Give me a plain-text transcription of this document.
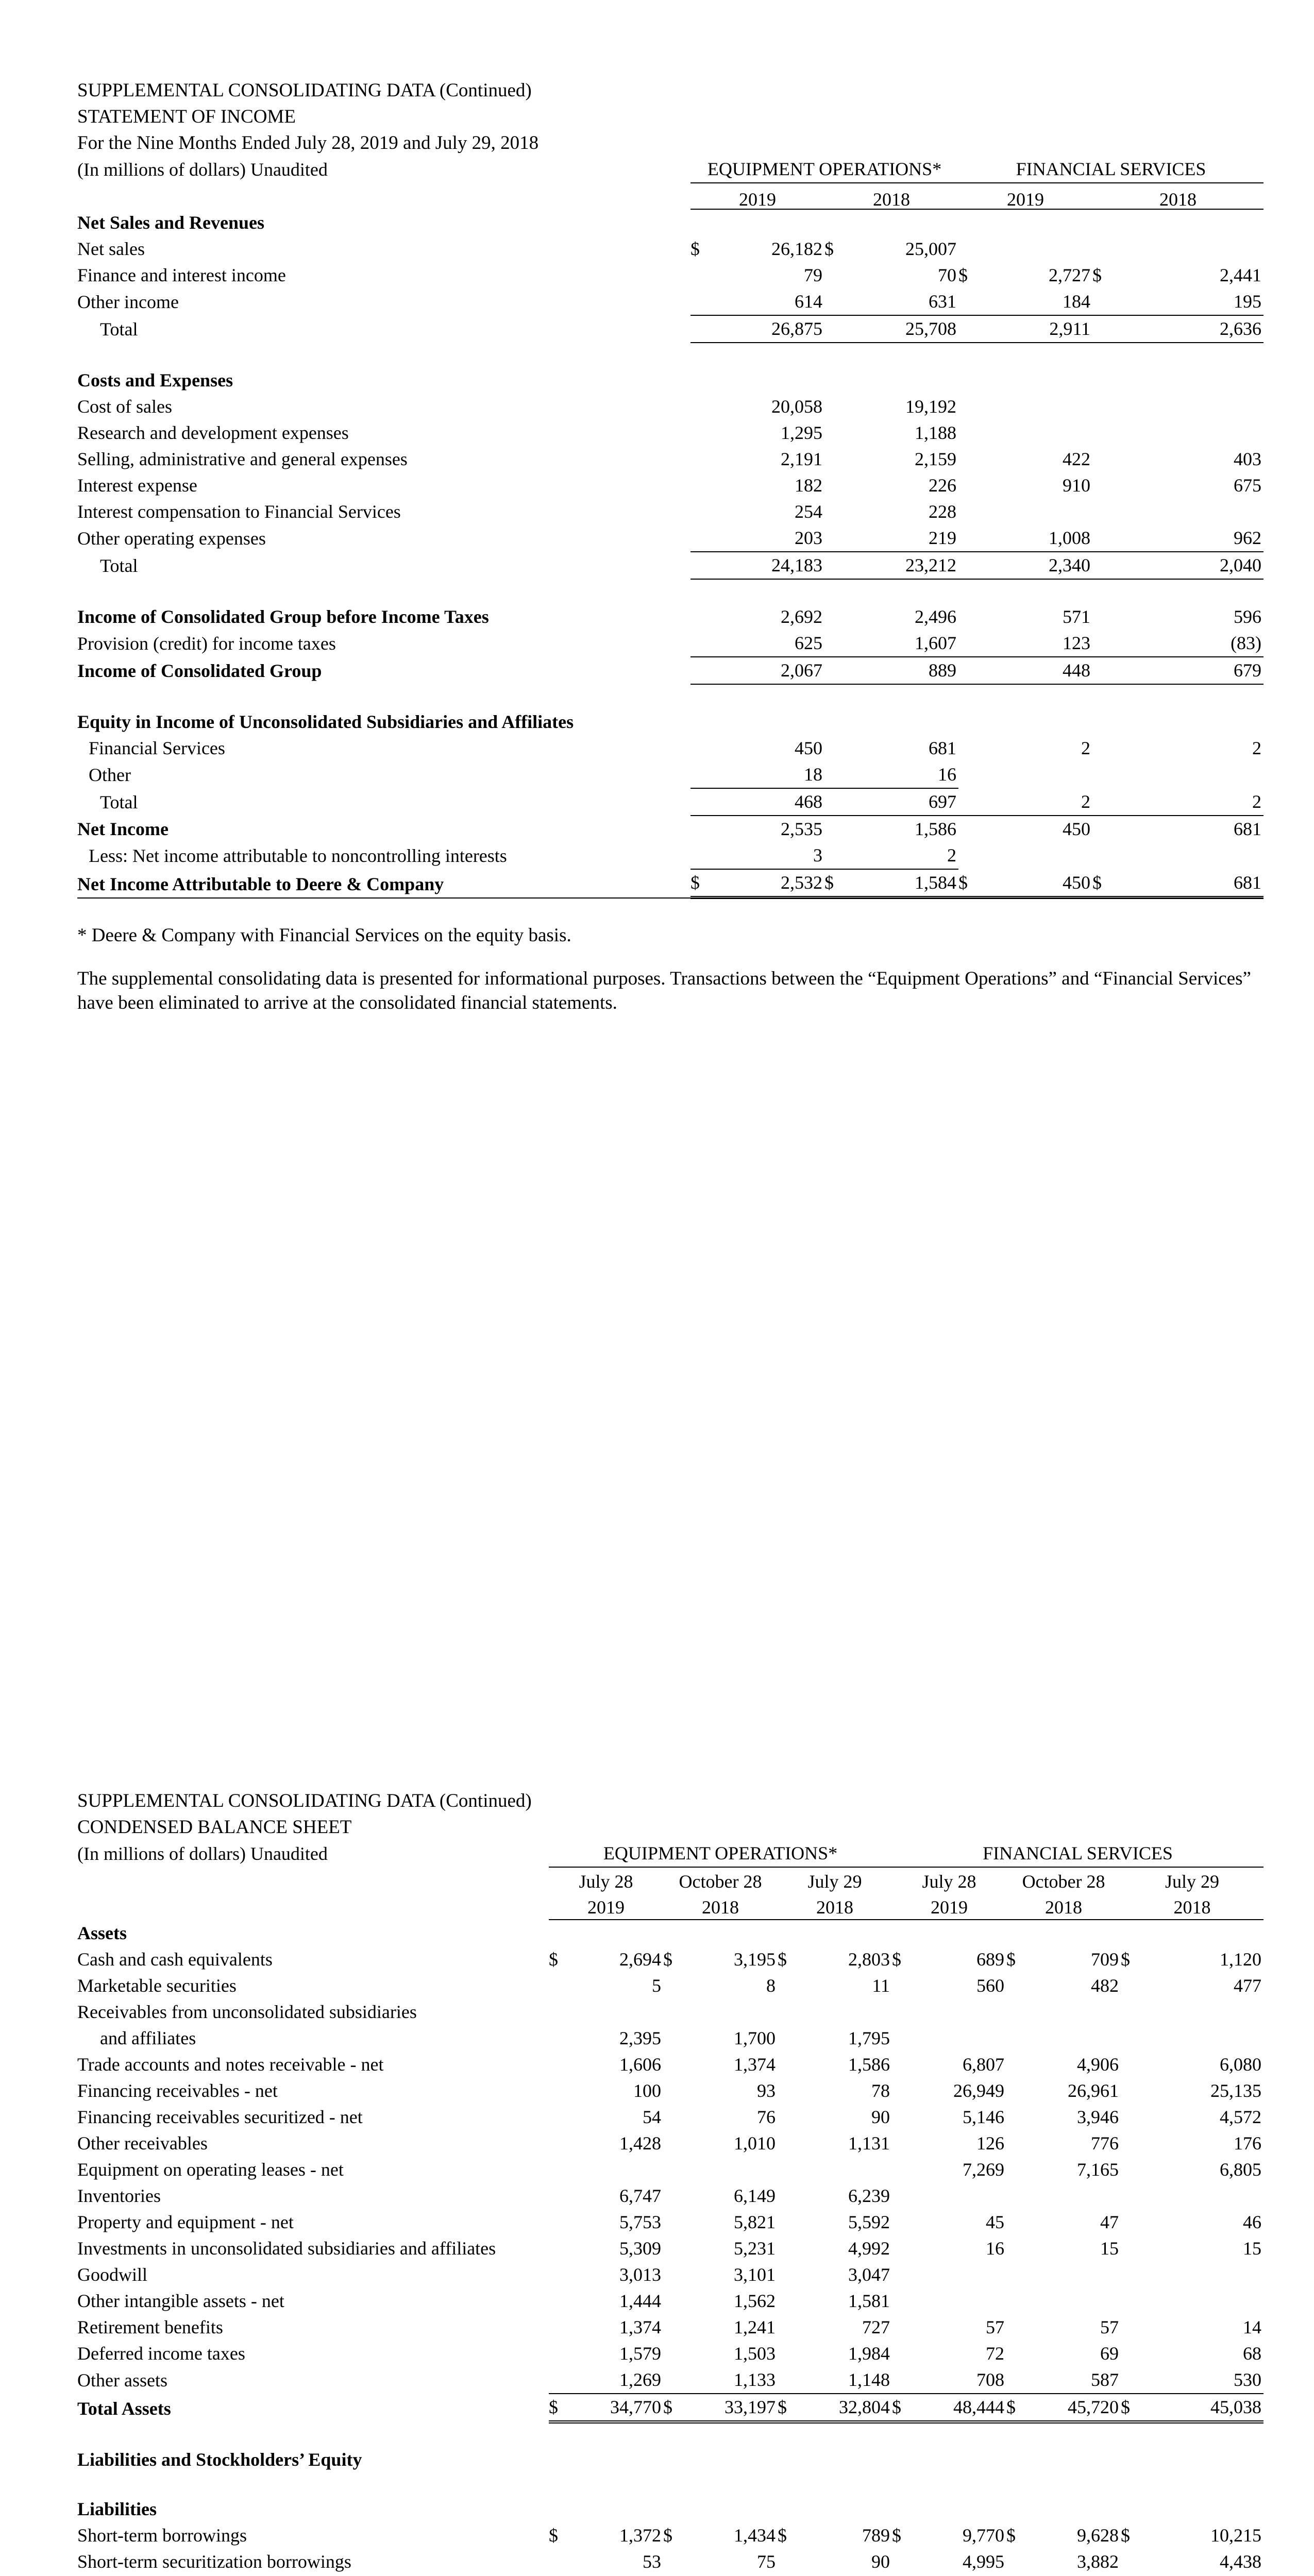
SUPPLEMENTAL CONSOLIDATING DATA (Continued)
STATEMENT OF INCOME
For the Nine Months Ended July 28, 2019 and July 29, 2018
(In millions of dollars) Unaudited	EQUIPMENT OPERATIONS*				FINANCIAL SERVICES			
	2019		2018		2019		2018	
Net Sales and Revenues								
Net sales	$	26,182	$	25,007				
Finance and interest income		79		70	$	2,727	$	2,441
Other income		614		631		184		195
Total		26,875		25,708		2,911		2,636

Costs and Expenses								
Cost of sales		20,058		19,192				
Research and development expenses		1,295		1,188				
Selling, administrative and general expenses		2,191		2,159		422		403
Interest expense		182		226		910		675
Interest compensation to Financial Services		254		228				
Other operating expenses		203		219		1,008		962
Total		24,183		23,212		2,340		2,040

Income of Consolidated Group before Income Taxes		2,692		2,496		571		596
Provision (credit) for income taxes		625		1,607		123		(83)
Income of Consolidated Group		2,067		889		448		679

Equity in Income of Unconsolidated Subsidiaries and Affiliates								
Financial Services		450		681		2		2
Other		18		16				
Total		468		697		2		2
Net Income		2,535		1,586		450		681
Less: Net income attributable to noncontrolling interests		3		2				
Net Income Attributable to Deere & Company	$	2,532	$	1,584	$	450	$	681
* Deere & Company with Financial Services on the equity basis.
The supplemental consolidating data is presented for informational purposes. Transactions between the “Equipment Operations” and “Financial Services” have been eliminated to arrive at the consolidated financial statements.
SUPPLEMENTAL CONSOLIDATING DATA (Continued)
CONDENSED BALANCE SHEET
(In millions of dollars) Unaudited	EQUIPMENT OPERATIONS*						FINANCIAL SERVICES					
	July 28		October 28		July 29		July 28		October 28		July 29	
	2019		2018		2018		2019		2018		2018	
Assets												
Cash and cash equivalents	$	2,694	$	3,195	$	2,803	$	689	$	709	$	1,120
Marketable securities		5		8		11		560		482		477
Receivables from unconsolidated subsidiaries												
and affiliates		2,395		1,700		1,795						
Trade accounts and notes receivable - net		1,606		1,374		1,586		6,807		4,906		6,080
Financing receivables - net		100		93		78		26,949		26,961		25,135
Financing receivables securitized - net		54		76		90		5,146		3,946		4,572
Other receivables		1,428		1,010		1,131		126		776		176
Equipment on operating leases - net								7,269		7,165		6,805
Inventories		6,747		6,149		6,239						
Property and equipment - net		5,753		5,821		5,592		45		47		46
Investments in unconsolidated subsidiaries and affiliates		5,309		5,231		4,992		16		15		15
Goodwill		3,013		3,101		3,047						
Other intangible assets - net		1,444		1,562		1,581						
Retirement benefits		1,374		1,241		727		57		57		14
Deferred income taxes		1,579		1,503		1,984		72		69		68
Other assets		1,269		1,133		1,148		708		587		530
Total Assets	$	34,770	$	33,197	$	32,804	$	48,444	$	45,720	$	45,038

Liabilities and Stockholders’ Equity												

Liabilities												
Short-term borrowings	$	1,372	$	1,434	$	789	$	9,770	$	9,628	$	10,215
Short-term securitization borrowings		53		75		90		4,995		3,882		4,438
